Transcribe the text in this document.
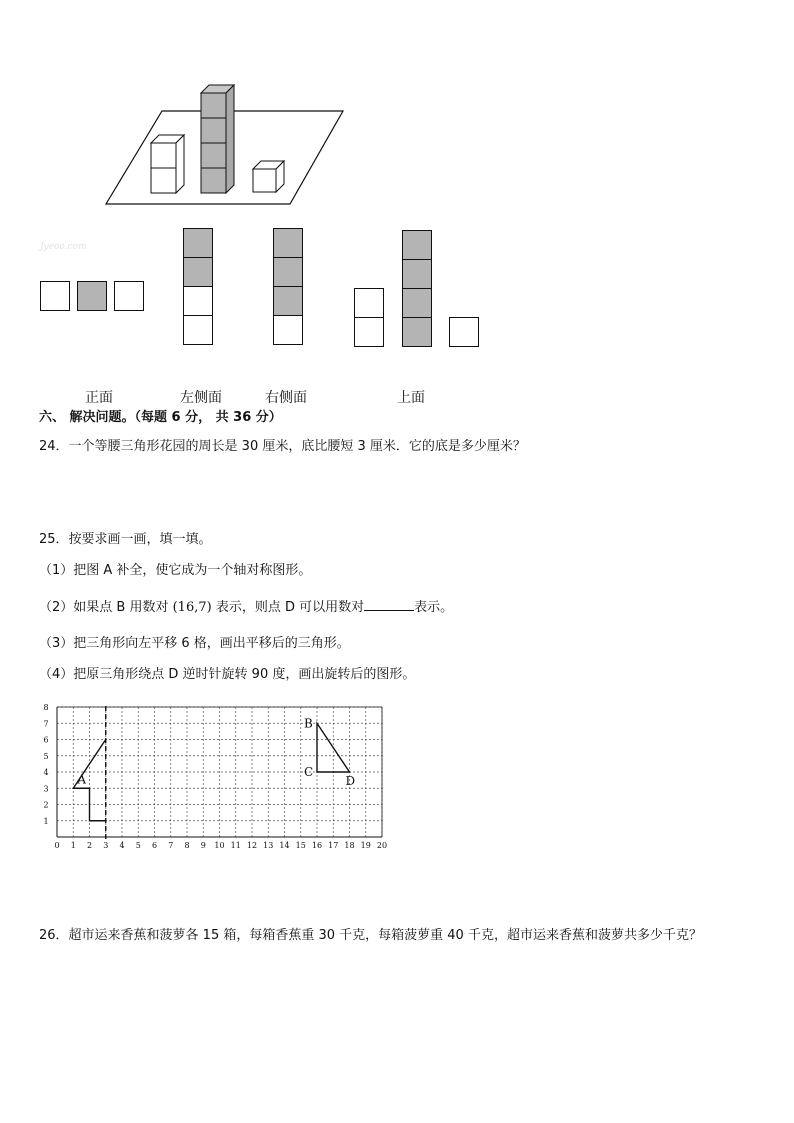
Jyeoo.com
正面	左侧面	右侧面	上面
六、 解决问题。（每题 6 分， 共 36 分）
24．一个等腰三角形花园的周长是 30 厘米，底比腰短 3 厘米．它的底是多少厘米？
25．按要求画一画，填一填。
（1）把图 A 补全，使它成为一个轴对称图形。
（2）如果点 B 用数对 (16,7) 表示，则点 D 可以用数对	表示。
（3）把三角形向左平移 6 格，画出平移后的三角形。
（4）把原三角形绕点 D 逆时针旋转 90 度，画出旋转后的图形。
0 1 2 3 4 5 6 7 8 9 10 11 12 13 14 15 16 17 18 19 20
1
2
3
4
5
6
7
8
A
B
C
D
26．超市运来香蕉和菠萝各 15 箱，每箱香蕉重 30 千克，每箱菠萝重 40 千克，超市运来香蕉和菠萝共多少千克？
